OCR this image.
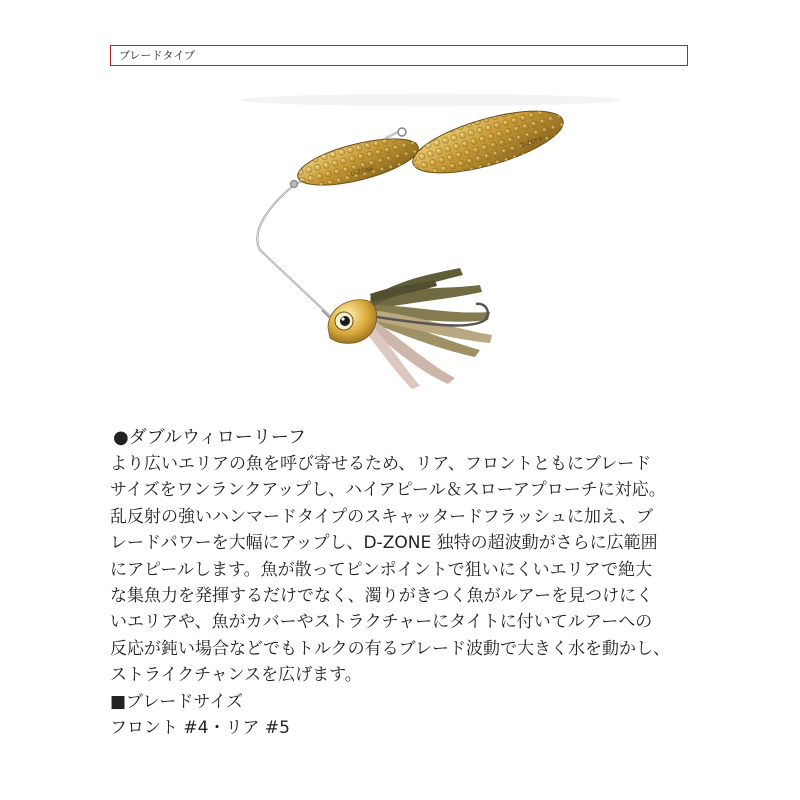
ブレードタイプ
D-ZONE
D-ZONE
●ダブルウィローリーフ
より広いエリアの魚を呼び寄せるため、リア、フロントともにブレード
サイズをワンランクアップし、ハイアピール＆スローアプローチに対応。
乱反射の強いハンマードタイプのスキャッタードフラッシュに加え、ブ
レードパワーを大幅にアップし、D-ZONE 独特の超波動がさらに広範囲
にアピールします。魚が散ってピンポイントで狙いにくいエリアで絶大
な集魚力を発揮するだけでなく、濁りがきつく魚がルアーを見つけにく
いエリアや、魚がカバーやストラクチャーにタイトに付いてルアーへの
反応が鈍い場合などでもトルクの有るブレード波動で大きく水を動かし、
ストライクチャンスを広げます。
■ブレードサイズ
フロント #4・リア #5
